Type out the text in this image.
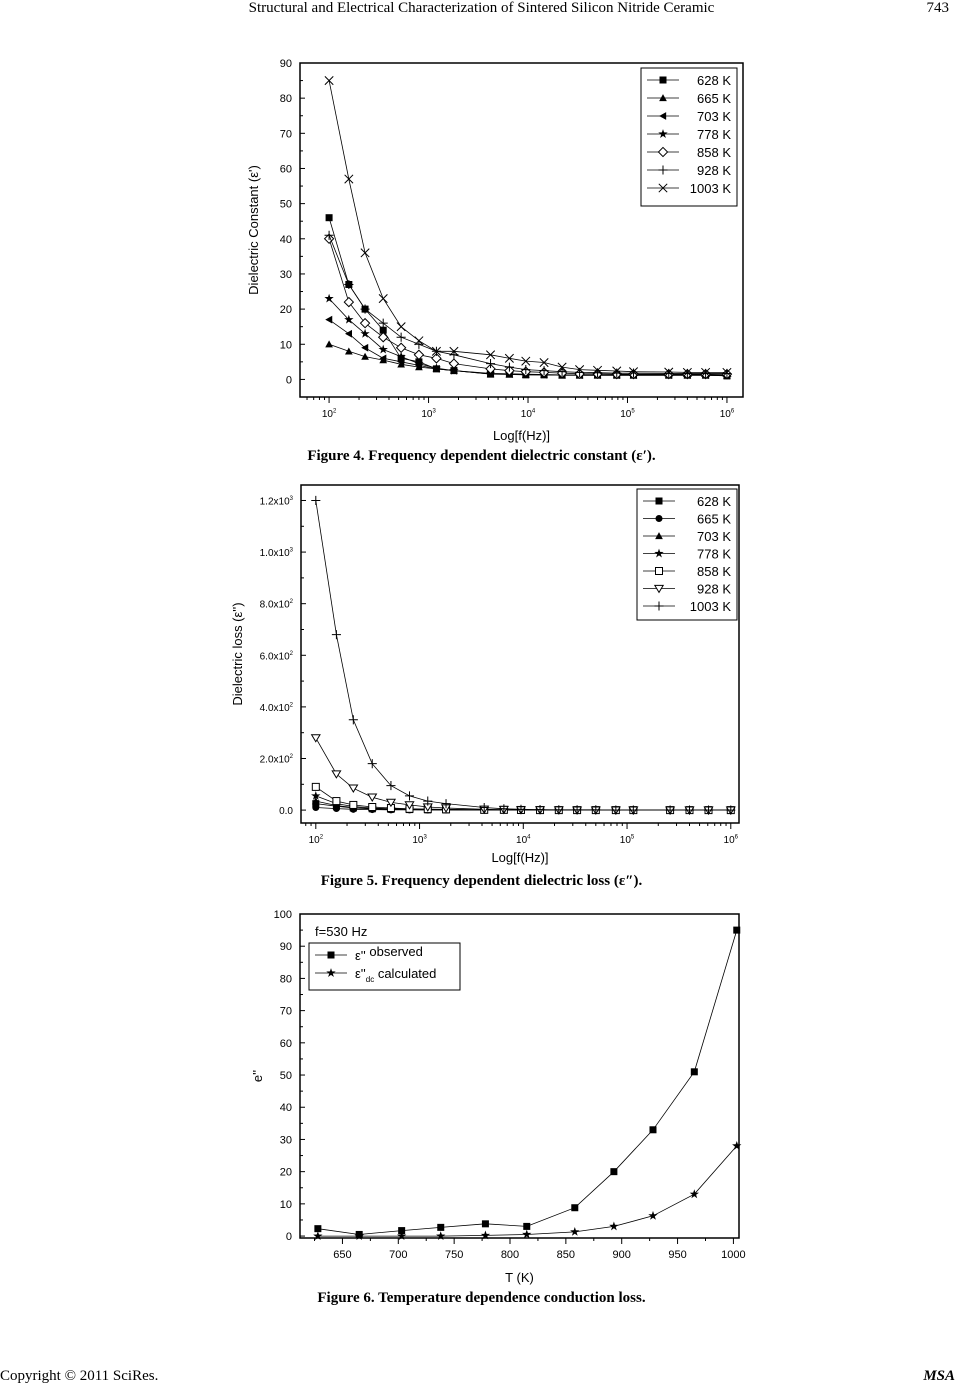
Structural and Electrical Characterization of Sintered Silicon Nitride Ceramic	743
0
10
20
30
40
50
60
70
80
90
$10^2$	$10^3$	$10^4$	$10^5$	$10^6$
Log[f(Hz)]
Dielectric Constant (ε')
628 K
665 K
703 K
778 K
858 K
928 K
1003 K
Figure 4. Frequency dependent dielectric constant (ε′).
0.0
$2.0x10^2$
$4.0x10^2$
$6.0x10^2$
$8.0x10^2$
$1.0x10^3$
$1.2x10^3$
$10^2$	$10^3$	$10^4$	$10^5$	$10^6$
Log[f(Hz)]
Dielectric loss (ε'')
628 K
665 K
703 K
778 K
858 K
928 K
1003 K
Figure 5. Frequency dependent dielectric loss (ε″).
0
10
20
30
40
50
60
70
80
90
100
650	700	750	800	850	900	950	1000
T (K)
e''
ε'' observed
$\varepsilon''_{dc}$ calculated
f=530 Hz
Figure 6. Temperature dependence conduction loss.
Copyright © 2011 SciRes.	MSA
